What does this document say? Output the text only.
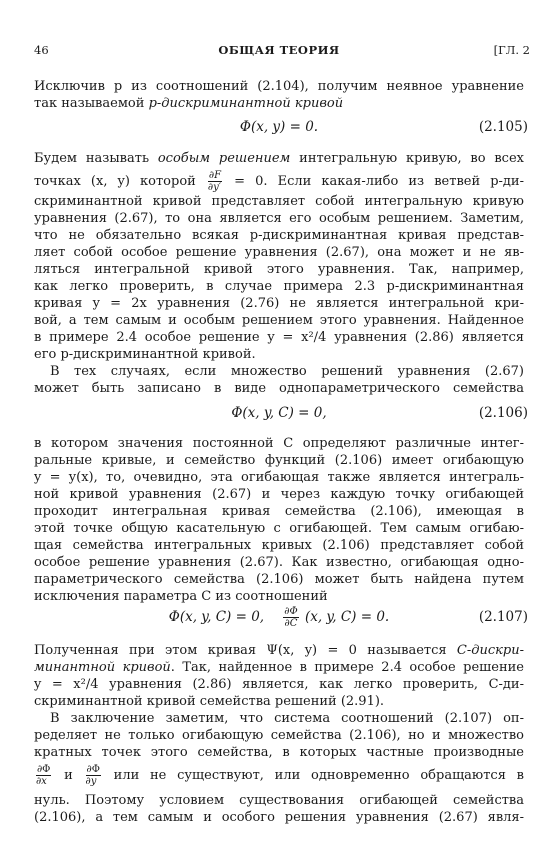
46	ОБЩАЯ ТЕОРИЯ	[ГЛ. 2
Исключив p из соотношений (2.104), получим неявное уравнение
так называемой p-дискриминантной кривой
Φ(x, y) = 0.	(2.105)
Будем называть особым решением интегральную кривую, во всех
точках (x, y) которой $\frac{\partial F}{\partial y'} = 0$. Если какая-либо из ветвей p-ди-
скриминантной кривой представляет собой интегральную кривую
уравнения (2.67), то она является его особым решением. Заметим,
что не обязательно всякая p-дискриминантная кривая представ-
ляет собой особое решение уравнения (2.67), она может и не яв-
ляться интегральной кривой этого уравнения. Так, например,
как легко проверить, в случае примера 2.3 p-дискриминантная
кривая y = 2x уравнения (2.76) не является интегральной кри-
вой, а тем самым и особым решением этого уравнения. Найденное
в примере 2.4 особое решение y = x²/4 уравнения (2.86) является
его p-дискриминантной кривой.
В тех случаях, если множество решений уравнения (2.67)
может быть записано в виде однопараметрического семейства
Φ(x, y, C) = 0,	(2.106)
в котором значения постоянной C определяют различные интег-
ральные кривые, и семейство функций (2.106) имеет огибающую
y = y(x), то, очевидно, эта огибающая также является интеграль-
ной кривой уравнения (2.67) и через каждую точку огибающей
проходит интегральная кривая семейства (2.106), имеющая в
этой точке общую касательную с огибающей. Тем самым огибаю-
щая семейства интегральных кривых (2.106) представляет собой
особое решение уравнения (2.67). Как известно, огибающая одно-
параметрического семейства (2.106) может быть найдена путем
исключения параметра C из соотношений
Φ(x, y, C) = 0, $\frac{\partial\Phi}{\partial C} (x$, y, C) = 0.	(2.107)
Полученная при этом кривая Ψ(x, y) = 0 называется C-дискри-
минантной кривой. Так, найденное в примере 2.4 особое решение
y = x²/4 уравнения (2.86) является, как легко проверить, C-ди-
скриминантной кривой семейства решений (2.91).
В заключение заметим, что система соотношений (2.107) оп-
ределяет не только огибающую семейства (2.106), но и множество
кратных точек этого семейства, в которых частные производные
$\frac{\partial\Phi}{\partial x}$ и $\frac{\partial\Phi}{\partial y}$ или не существуют, или одновременно обращаются в
нуль. Поэтому условием существования огибающей семейства
(2.106), а тем самым и особого решения уравнения (2.67) явля-
